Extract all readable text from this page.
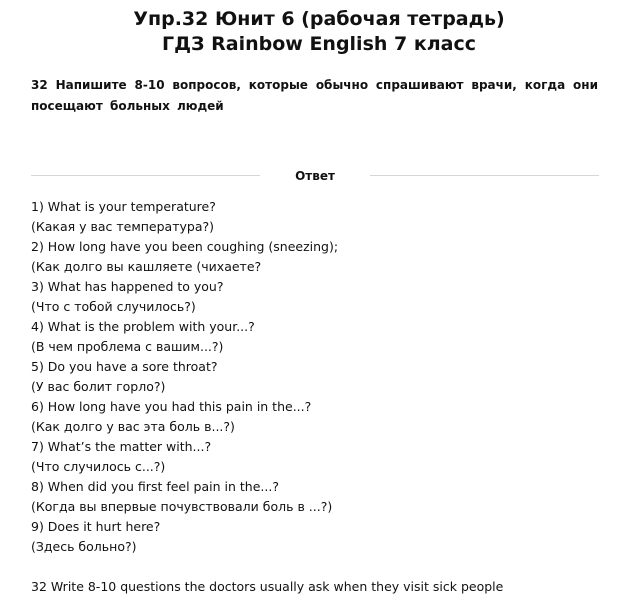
Упр.32 Юнит 6 (рабочая тетрадь)
ГДЗ Rainbow English 7 класс
32 Напишите 8-10 вопросов, которые обычно спрашивают врачи, когда они посещают больных людей
Ответ
1) What is your temperature?
(Какая у вас температура?)
2) How long have you been coughing (sneezing);
(Как долго вы кашляете (чихаете?
3) What has happened to you?
(Что с тобой случилось?)
4) What is the problem with your...?
(В чем проблема с вашим...?)
5) Do you have a sore throat?
(У вас болит горло?)
6) How long have you had this pain in the...?
(Как долго у вас эта боль в...?)
7) What’s the matter with...?
(Что случилось с...?)
8) When did you first feel pain in the...?
(Когда вы впервые почувствовали боль в ...?)
9) Does it hurt here?
(Здесь больно?)
32 Write 8-10 questions the doctors usually ask when they visit sick people
